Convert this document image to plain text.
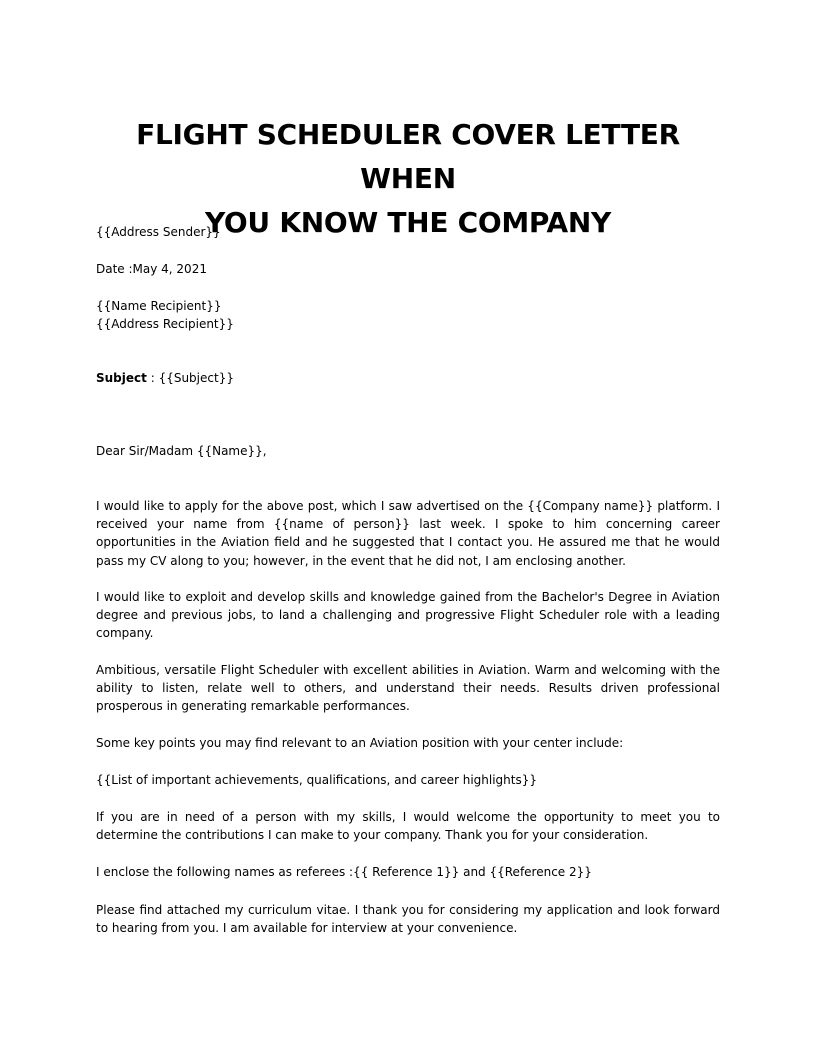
FLIGHT SCHEDULER COVER LETTER WHEN
YOU KNOW THE COMPANY

{{Address Sender}}

Date :May 4, 2021

{{Name Recipient}}
{{Address Recipient}}

Subject : {{Subject}}

Dear Sir/Madam {{Name}},

I would like to apply for the above post, which I saw advertised on the {{Company name}} platform. I received your name from {{name of person}} last week. I spoke to him concerning career opportunities in the Aviation field and he suggested that I contact you. He assured me that he would pass my CV along to you; however, in the event that he did not, I am enclosing another.

I would like to exploit and develop skills and knowledge gained from the Bachelor's Degree in Aviation degree and previous jobs, to land a challenging and progressive Flight Scheduler role with a leading company.

Ambitious, versatile Flight Scheduler with excellent abilities in Aviation. Warm and welcoming with the ability to listen, relate well to others, and understand their needs. Results driven professional prosperous in generating remarkable performances.

Some key points you may find relevant to an Aviation position with your center include:

{{List of important achievements, qualifications, and career highlights}}

If you are in need of a person with my skills, I would welcome the opportunity to meet you to determine the contributions I can make to your company. Thank you for your consideration.

I enclose the following names as referees :{{ Reference 1}} and {{Reference 2}}

Please find attached my curriculum vitae. I thank you for considering my application and look forward to hearing from you. I am available for interview at your convenience.
